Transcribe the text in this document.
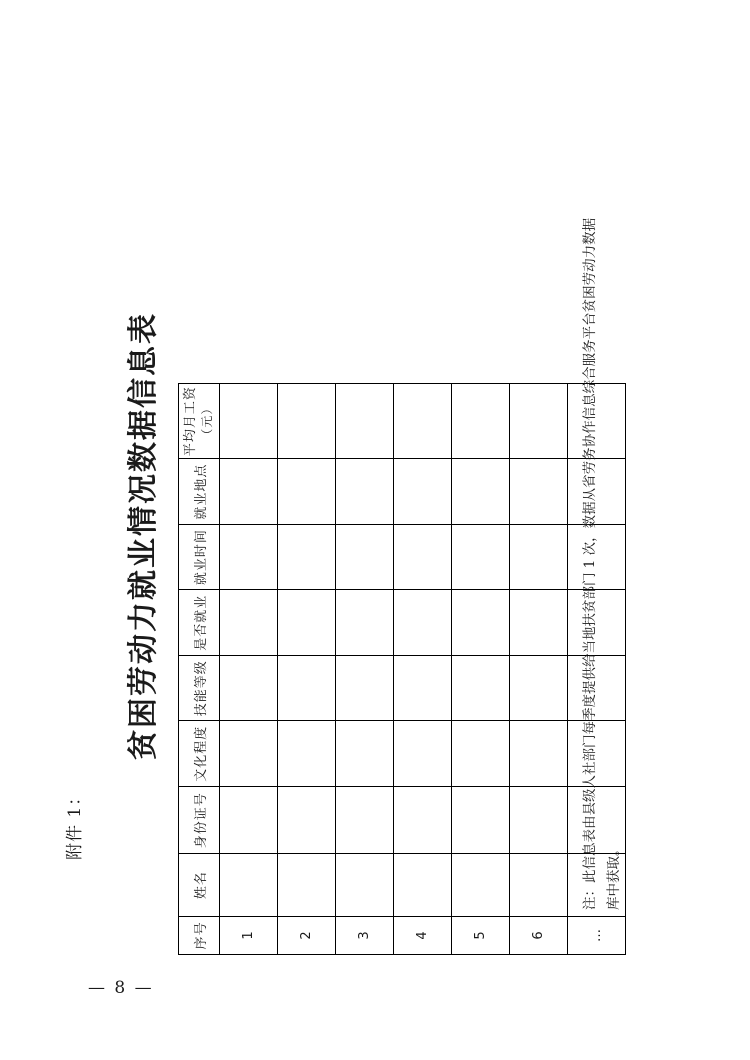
附件 1：
贫困劳动力就业情况数据信息表
序号	姓名	身份证号	文化程度	技能等级	是否就业	就业时间	就业地点	平均月工资 （元）

1								
2								
3								
4								
5								
6								
…								
注：此信息表由县级人社部门每季度提供给当地扶贫部门 1 次，数据从省劳务协作信息综合服务平台贫困劳动力数据 库中获取。
— 8 —
